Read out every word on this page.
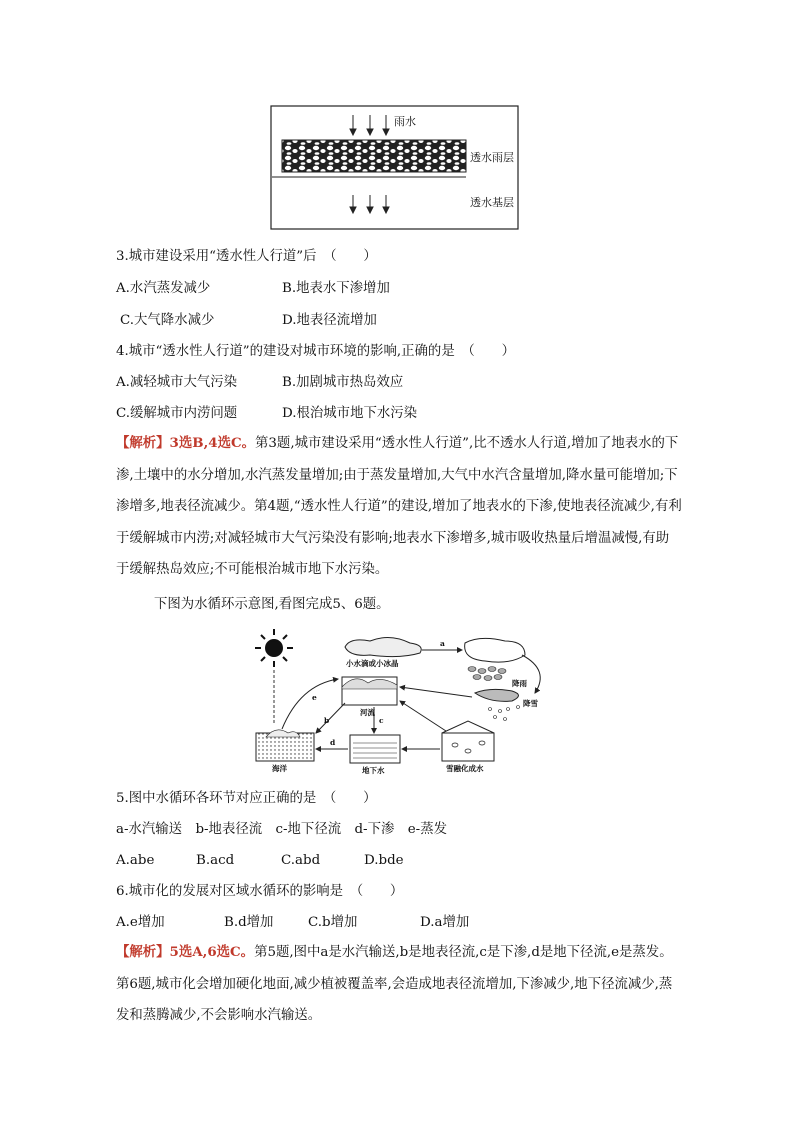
雨水
透水雨层
透水基层
3.城市建设采用“透水性人行道”后　（　　）
A.水汽蒸发减少	B.地表水下渗增加
C.大气降水减少	D.地表径流增加
4.城市“透水性人行道”的建设对城市环境的影响,正确的是　（　　）
A.减轻城市大气污染	B.加剧城市热岛效应
C.缓解城市内涝问题	D.根治城市地下水污染
【解析】3选B,4选C。第3题,城市建设采用“透水性人行道”,比不透水人行道,增加了地表水的下渗,土壤中的水分增加,水汽蒸发量增加;由于蒸发量增加,大气中水汽含量增加,降水量可能增加;下渗增多,地表径流减少。第4题,“透水性人行道”的建设,增加了地表水的下渗,使地表径流减少,有利于缓解城市内涝;对减轻城市大气污染没有影响;地表水下渗增多,城市吸收热量后增温减慢,有助于缓解热岛效应;不可能根治城市地下水污染。
下图为水循环示意图,看图完成5、6题。
小水滴或小冰晶
降雨
a
降雪
河流
海洋	地下水	雪融化成水
e
b	c
d
5.图中水循环各环节对应正确的是　（　　）
a-水汽输送　b-地表径流　c-地下径流　d-下渗　e-蒸发
A.abe	B.acd	C.abd	D.bde
6.城市化的发展对区域水循环的影响是　（　　）
A.e增加	B.d增加	C.b增加	D.a增加
【解析】5选A,6选C。第5题,图中a是水汽输送,b是地表径流,c是下渗,d是地下径流,e是蒸发。第6题,城市化会增加硬化地面,减少植被覆盖率,会造成地表径流增加,下渗减少,地下径流减少,蒸发和蒸腾减少,不会影响水汽输送。
